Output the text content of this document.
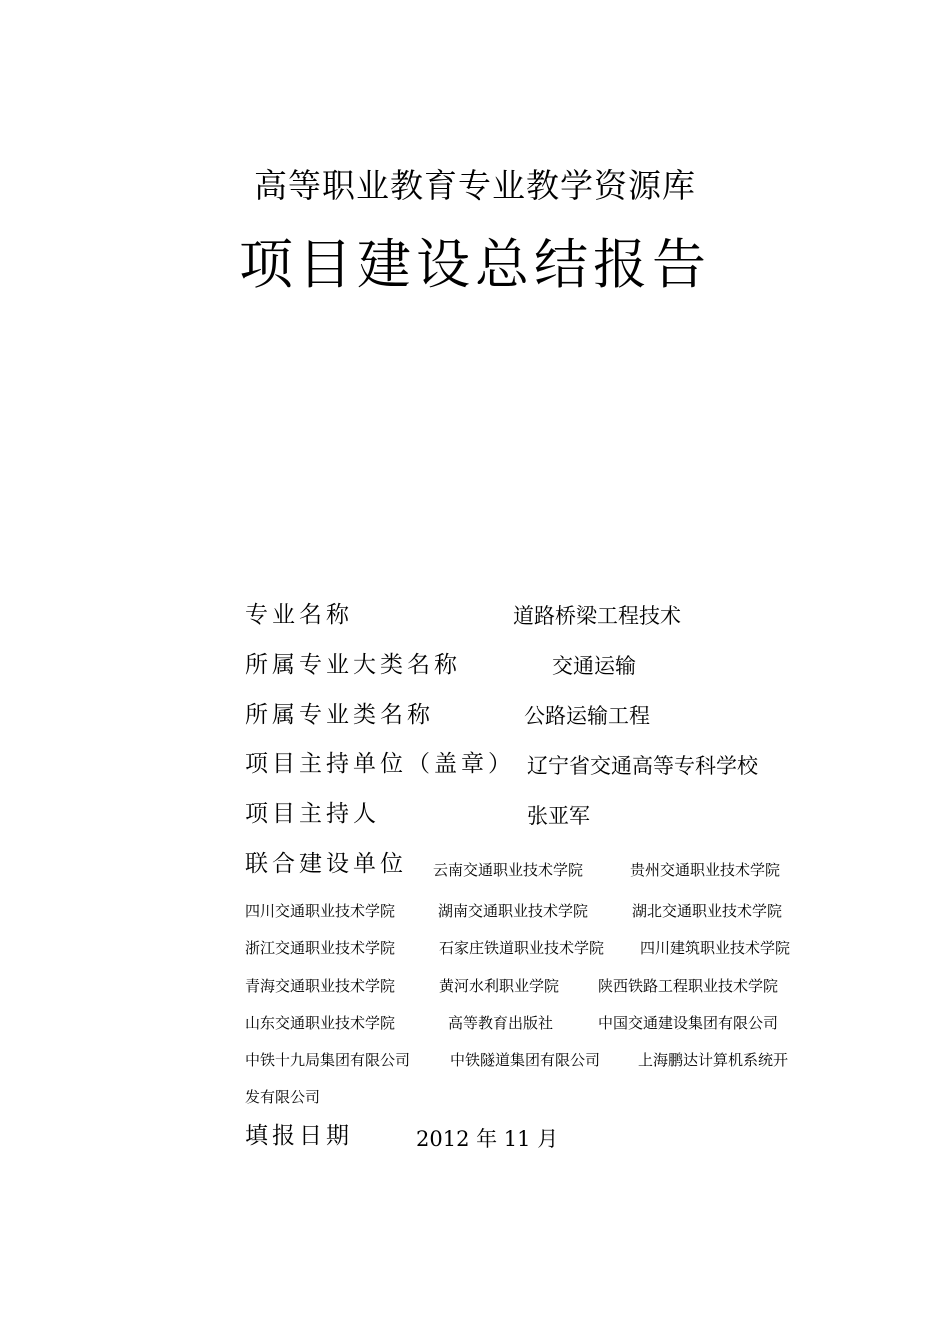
高等职业教育专业教学资源库
项目建设总结报告
专业名称	道路桥梁工程技术
所属专业大类名称	交通运输
所属专业类名称	公路运输工程
项目主持单位（盖章） 辽宁省交通高等专科学校
项目主持人	张亚军
联合建设单位 云南交通职业技术学院	贵州交通职业技术学院
四川交通职业技术学院	湖南交通职业技术学院	湖北交通职业技术学院
浙江交通职业技术学院	石家庄铁道职业技术学院 四川建筑职业技术学院
青海交通职业技术学院	黄河水利职业学院	陕西铁路工程职业技术学院
山东交通职业技术学院	高等教育出版社	中国交通建设集团有限公司
中铁十九局集团有限公司	中铁隧道集团有限公司	上海鹏达计算机系统开
发有限公司
填报日期	2012 年 11 月
